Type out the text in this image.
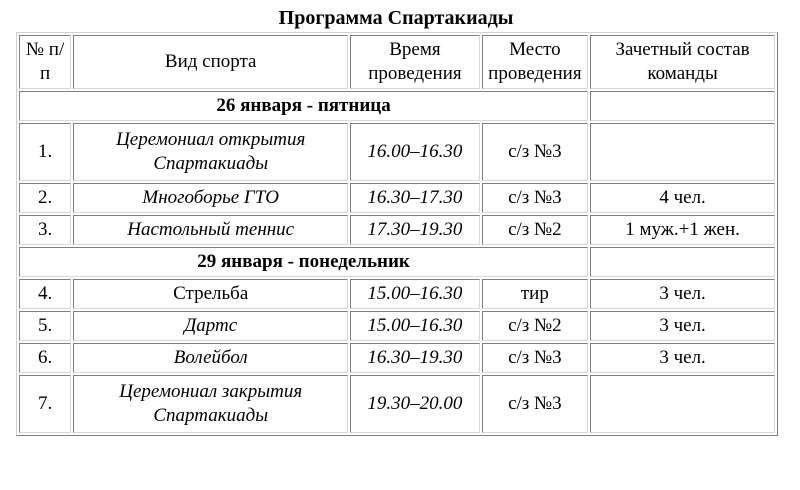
Программа Спартакиады
№ п/п	Вид спорта	Время проведения	Место проведения	Зачетный состав команды
26 января - пятница				
1.	Церемониал открытия Спартакиады	16.00–16.30	с/з №3	
2.	Многоборье ГТО	16.30–17.30	с/з №3	4 чел.
3.	Настольный теннис	17.30–19.30	с/з №2	1 муж.+1 жен.
29 января - понедельник				
4.	Стрельба	15.00–16.30	тир	3 чел.
5.	Дартс	15.00–16.30	с/з №2	3 чел.
6.	Волейбол	16.30–19.30	с/з №3	3 чел.
7.	Церемониал закрытия Спартакиады	19.30–20.00	с/з №3	
